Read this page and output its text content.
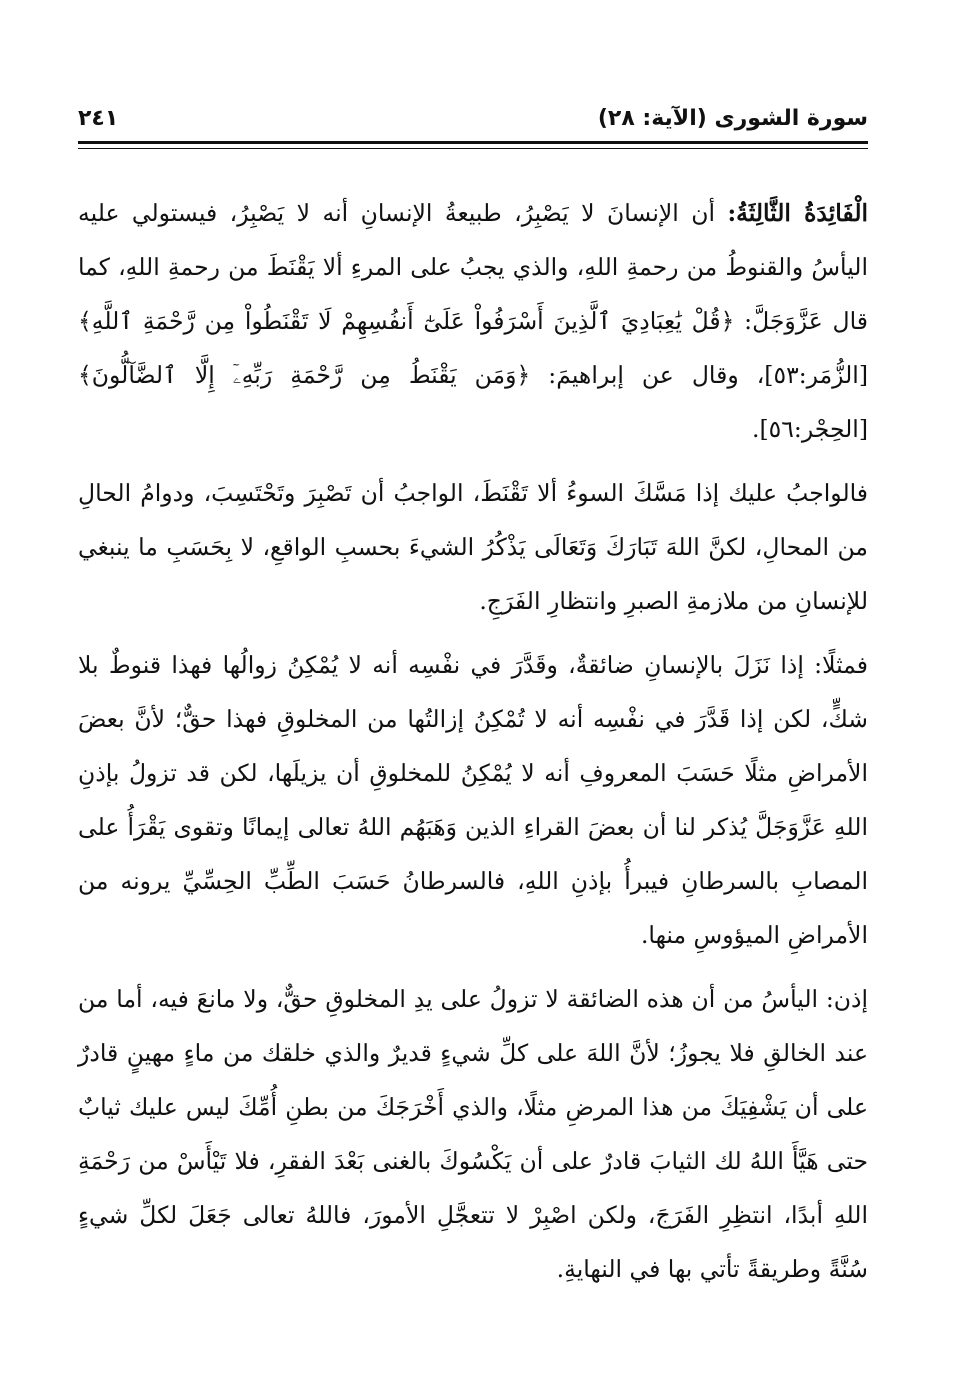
سورة الشورى (الآية: ٢٨)
٢٤١

الْفَائِدَةُ الثَّالِثَةُ: أن الإنسانَ لا يَصْبِرُ، طبيعةُ الإنسانِ أنه لا يَصْبِرُ، فيستولي عليه اليأسُ والقنوطُ من رحمةِ اللهِ، والذي يجبُ على المرءِ ألا يَقْنَطَ من رحمةِ اللهِ، كما قال عَزَّوَجَلَّ: ﴿قُلْ يَٰعِبَادِيَ ٱلَّذِينَ أَسْرَفُواْ عَلَىٰٓ أَنفُسِهِمْ لَا تَقْنَطُواْ مِن رَّحْمَةِ ٱللَّهِ﴾ [الزُّمَر:٥٣]، وقال عن إبراهيمَ: ﴿وَمَن يَقْنَطُ مِن رَّحْمَةِ رَبِّهِۦٓ إِلَّا ٱلضَّآلُّونَ﴾ [الحِجْر:٥٦].

فالواجبُ عليك إذا مَسَّكَ السوءُ ألا تَقْنَطَ، الواجبُ أن تَصْبِرَ وتَحْتَسِبَ، ودوامُ الحالِ من المحالِ، لكنَّ اللهَ تَبَارَكَ وَتَعَالَى يَذْكُرُ الشيءَ بحسبِ الواقعِ، لا بِحَسَبِ ما ينبغي للإنسانِ من ملازمةِ الصبرِ وانتظارِ الفَرَجِ.

فمثلًا: إذا نَزَلَ بالإنسانِ ضائقةٌ، وقَدَّرَ في نفْسِه أنه لا يُمْكِنُ زوالُها فهذا قنوطٌ بلا شكٍّ، لكن إذا قَدَّرَ في نفْسِه أنه لا تُمْكِنُ إزالتُها من المخلوقِ فهذا حقٌّ؛ لأنَّ بعضَ الأمراضِ مثلًا حَسَبَ المعروفِ أنه لا يُمْكِنُ للمخلوقِ أن يزيلَها، لكن قد تزولُ بإذنِ اللهِ عَزَّوَجَلَّ يُذكر لنا أن بعضَ القراءِ الذين وَهَبَهُم اللهُ تعالى إيمانًا وتقوى يَقْرَأُ على المصابِ بالسرطانِ فيبرأُ بإذنِ اللهِ، فالسرطانُ حَسَبَ الطِّبِّ الحِسِّيِّ يرونه من الأمراضِ الميؤوسِ منها.

إذن: اليأسُ من أن هذه الضائقة لا تزولُ على يدِ المخلوقِ حقٌّ، ولا مانعَ فيه، أما من عند الخالقِ فلا يجوزُ؛ لأنَّ اللهَ على كلِّ شيءٍ قديرٌ والذي خلقك من ماءٍ مهينٍ قادرٌ على أن يَشْفِيَكَ من هذا المرضِ مثلًا، والذي أَخْرَجَكَ من بطنِ أُمِّكَ ليس عليك ثيابٌ حتى هَيَّأَ اللهُ لك الثيابَ قادرٌ على أن يَكْسُوكَ بالغنى بَعْدَ الفقرِ، فلا تَيْأَسْ من رَحْمَةِ اللهِ أبدًا، انتظِرِ الفَرَجَ، ولكن اصْبِرْ لا تتعجَّلِ الأمورَ، فاللهُ تعالى جَعَلَ لكلِّ شيءٍ سُنَّةً وطريقةً تأتي بها في النهايةِ.
